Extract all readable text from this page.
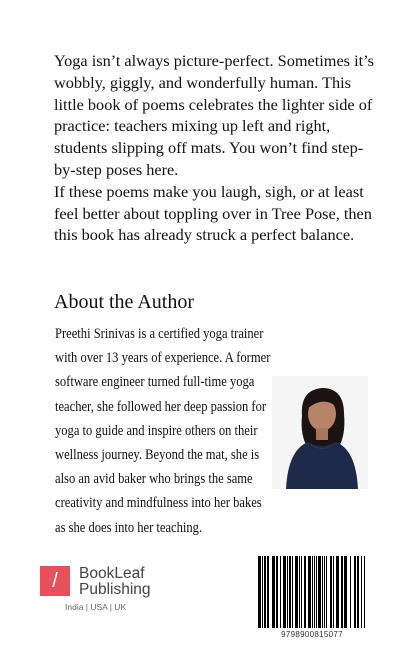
Yoga isn’t always picture-perfect. Sometimes it’s wobbly, giggly, and wonderfully human. This little book of poems celebrates the lighter side of practice: teachers mixing up left and right, students slipping off mats. You won’t find step-by-step poses here.

If these poems make you laugh, sigh, or at least feel better about toppling over in Tree Pose, then this book has already struck a perfect balance.

About the Author

Preethi Srinivas is a certified yoga trainer with over 13 years of experience. A former software engineer turned full-time yoga teacher, she followed her deep passion for yoga to guide and inspire others on their wellness journey. Beyond the mat, she is also an avid baker who brings the same creativity and mindfulness into her bakes as she does into her teaching.

/	BookLeaf
Publishing
India | USA | UK
9798900815077
